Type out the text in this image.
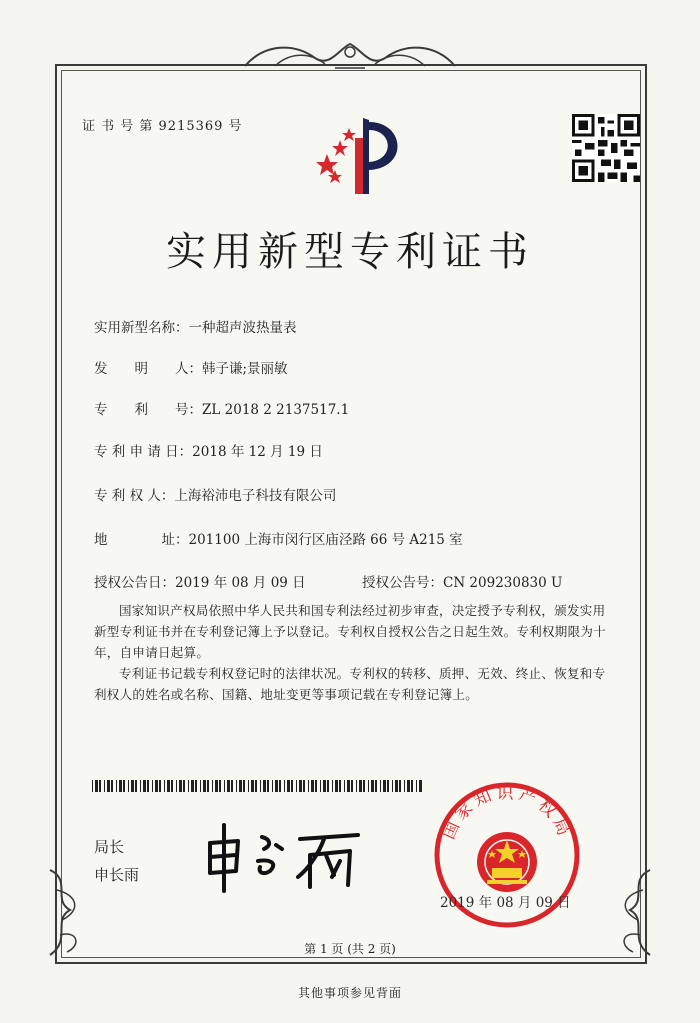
证 书 号 第 9215369 号
实用新型专利证书
实用新型名称：一种超声波热量表
发　　明　　人：韩子谦;景丽敏
专　　利　　号：ZL 2018 2 2137517.1
专 利 申 请 日：2018 年 12 月 19 日
专 利 权 人：上海裕沛电子科技有限公司
地　　　　址：201100 上海市闵行区庙泾路 66 号 A215 室
授权公告日：2019 年 08 月 09 日	授权公告号：CN 209230830 U
国家知识产权局依照中华人民共和国专利法经过初步审查，决定授予专利权，颁发实用新型专利证书并在专利登记簿上予以登记。专利权自授权公告之日起生效。专利权期限为十年，自申请日起算。
专利证书记载专利权登记时的法律状况。专利权的转移、质押、无效、终止、恢复和专利权人的姓名或名称、国籍、地址变更等事项记载在专利登记簿上。
局长
申长雨
国家知识产权局
2019 年 08 月 09 日
第 1 页 (共 2 页)
其他事项参见背面
